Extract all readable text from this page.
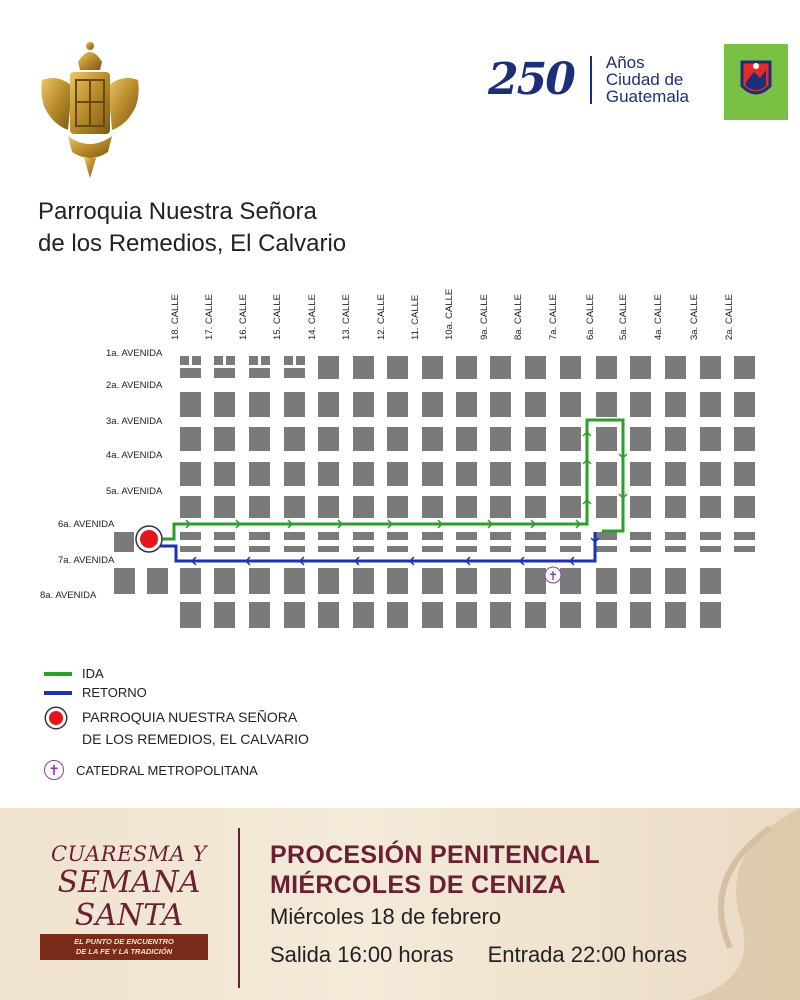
250 Años
Ciudad de
Guatemala
Parroquia Nuestra Señora
de los Remedios, El Calvario
18. CALLE 17. CALLE 16. CALLE 15. CALLE	14. CALLE 13. CALLE	12. CALLE 11. CALLE 10a. CALLE	9a. CALLE 8a. CALLE	7a. CALLE	6a. CALLE 5a. CALLE	4a. CALLE	3a. CALLE	2a. CALLE
1a. AVENIDA
2a. AVENIDA
3a. AVENIDA
4a. AVENIDA
5a. AVENIDA
6a. AVENIDA
7a. AVENIDA
8a. AVENIDA
✝
IDA
RETORNO
PARROQUIA NUESTRA SEÑORA
DE LOS REMEDIOS, EL CALVARIO
✝	CATEDRAL METROPOLITANA
CUARESMA Y
SEMANA
SANTA
EL PUNTO DE ENCUENTRO
DE LA FE Y LA TRADICIÓN
PROCESIÓN PENITENCIAL
MIÉRCOLES DE CENIZA
Miércoles 18 de febrero
Salida 16:00 horas Entrada 22:00 horas
